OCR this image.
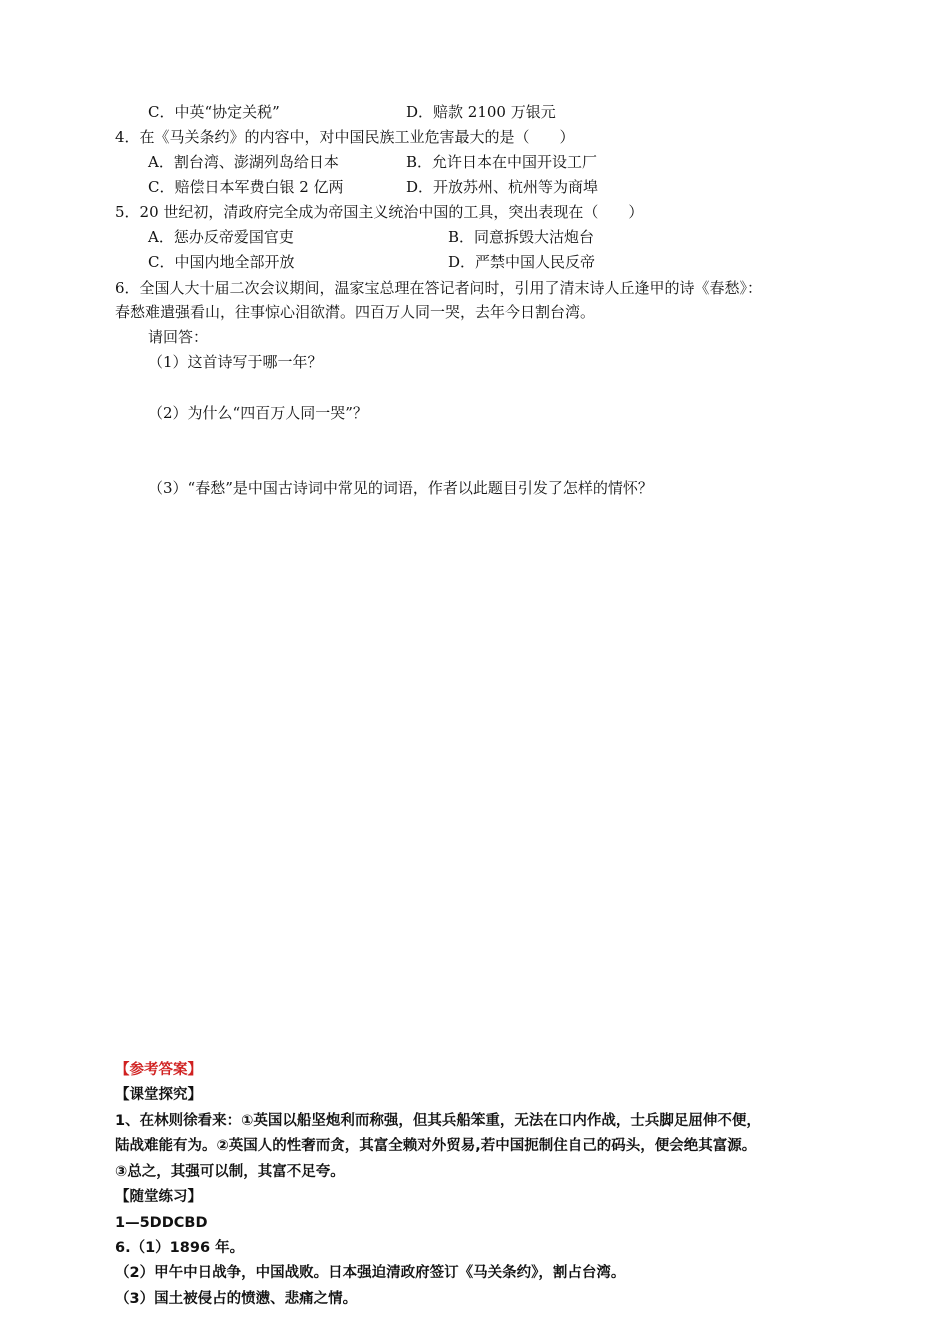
C．中英“协定关税”	D．赔款 2100 万银元
4．在《马关条约》的内容中，对中国民族工业危害最大的是（　　）
A．割台湾、澎湖列岛给日本	B．允许日本在中国开设工厂
C．赔偿日本军费白银 2 亿两	D．开放苏州、杭州等为商埠
5．20 世纪初，清政府完全成为帝国主义统治中国的工具，突出表现在（　　）
A．惩办反帝爱国官吏	B．同意拆毁大沽炮台
C．中国内地全部开放	D．严禁中国人民反帝
6．全国人大十届二次会议期间，温家宝总理在答记者问时，引用了清末诗人丘逢甲的诗《春愁》：
春愁难遣强看山，往事惊心泪欲潸。四百万人同一哭，去年今日割台湾。
请回答：
（1）这首诗写于哪一年？
（2）为什么“四百万人同一哭”？
（3）“春愁”是中国古诗词中常见的词语，作者以此题目引发了怎样的情怀？
【参考答案】
【课堂探究】
1、在林则徐看来：①英国以船坚炮利而称强，但其兵船笨重，无法在口内作战，士兵脚足屈伸不便，
陆战难能有为。②英国人的性奢而贪，其富全赖对外贸易,若中国扼制住自己的码头，便会绝其富源。
③总之，其强可以制，其富不足夸。
【随堂练习】
1—5DDCBD
6.（1）1896 年。
（2）甲午中日战争，中国战败。日本强迫清政府签订《马关条约》，割占台湾。
（3）国土被侵占的愤懑、悲痛之情。
